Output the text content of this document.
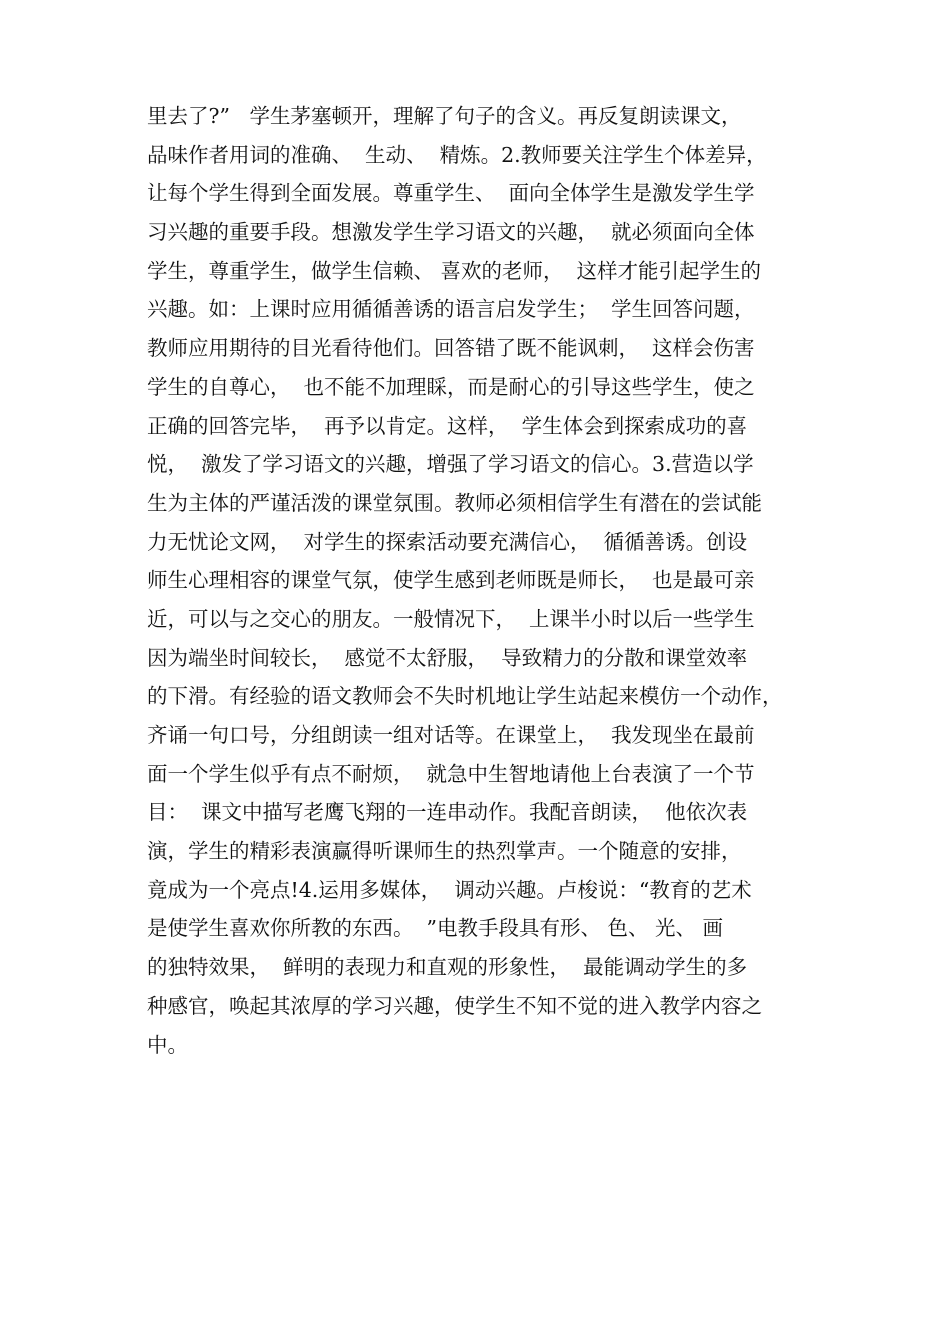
里去了?”   学生茅塞顿开，理解了句子的含义。再反复朗读课文，
品味作者用词的准确、  生动、  精炼。2.教师要关注学生个体差异，
让每个学生得到全面发展。尊重学生、  面向全体学生是激发学生学
习兴趣的重要手段。想激发学生学习语文的兴趣，  就必须面向全体
学生，尊重学生，做学生信赖、 喜欢的老师，  这样才能引起学生的
兴趣。如：上课时应用循循善诱的语言启发学生；  学生回答问题，
教师应用期待的目光看待他们。回答错了既不能讽刺，  这样会伤害
学生的自尊心，  也不能不加理睬，而是耐心的引导这些学生，使之
正确的回答完毕，  再予以肯定。这样，  学生体会到探索成功的喜
悦，  激发了学习语文的兴趣，增强了学习语文的信心。3.营造以学
生为主体的严谨活泼的课堂氛围。教师必须相信学生有潜在的尝试能
力无忧论文网，  对学生的探索活动要充满信心，  循循善诱。创设
师生心理相容的课堂气氛，使学生感到老师既是师长，  也是最可亲
近，可以与之交心的朋友。一般情况下，  上课半小时以后一些学生
因为端坐时间较长，  感觉不太舒服，  导致精力的分散和课堂效率
的下滑。有经验的语文教师会不失时机地让学生站起来模仿一个动作，
齐诵一句口号，分组朗读一组对话等。在课堂上，  我发现坐在最前
面一个学生似乎有点不耐烦，  就急中生智地请他上台表演了一个节
目：  课文中描写老鹰飞翔的一连串动作。我配音朗读，  他依次表
演，学生的精彩表演赢得听课师生的热烈掌声。一个随意的安排，
竟成为一个亮点!4.运用多媒体，  调动兴趣。卢梭说：“教育的艺术
是使学生喜欢你所教的东西。  ”电教手段具有形、 色、 光、 画
的独特效果，  鲜明的表现力和直观的形象性，  最能调动学生的多
种感官，唤起其浓厚的学习兴趣，使学生不知不觉的进入教学内容之
中。
